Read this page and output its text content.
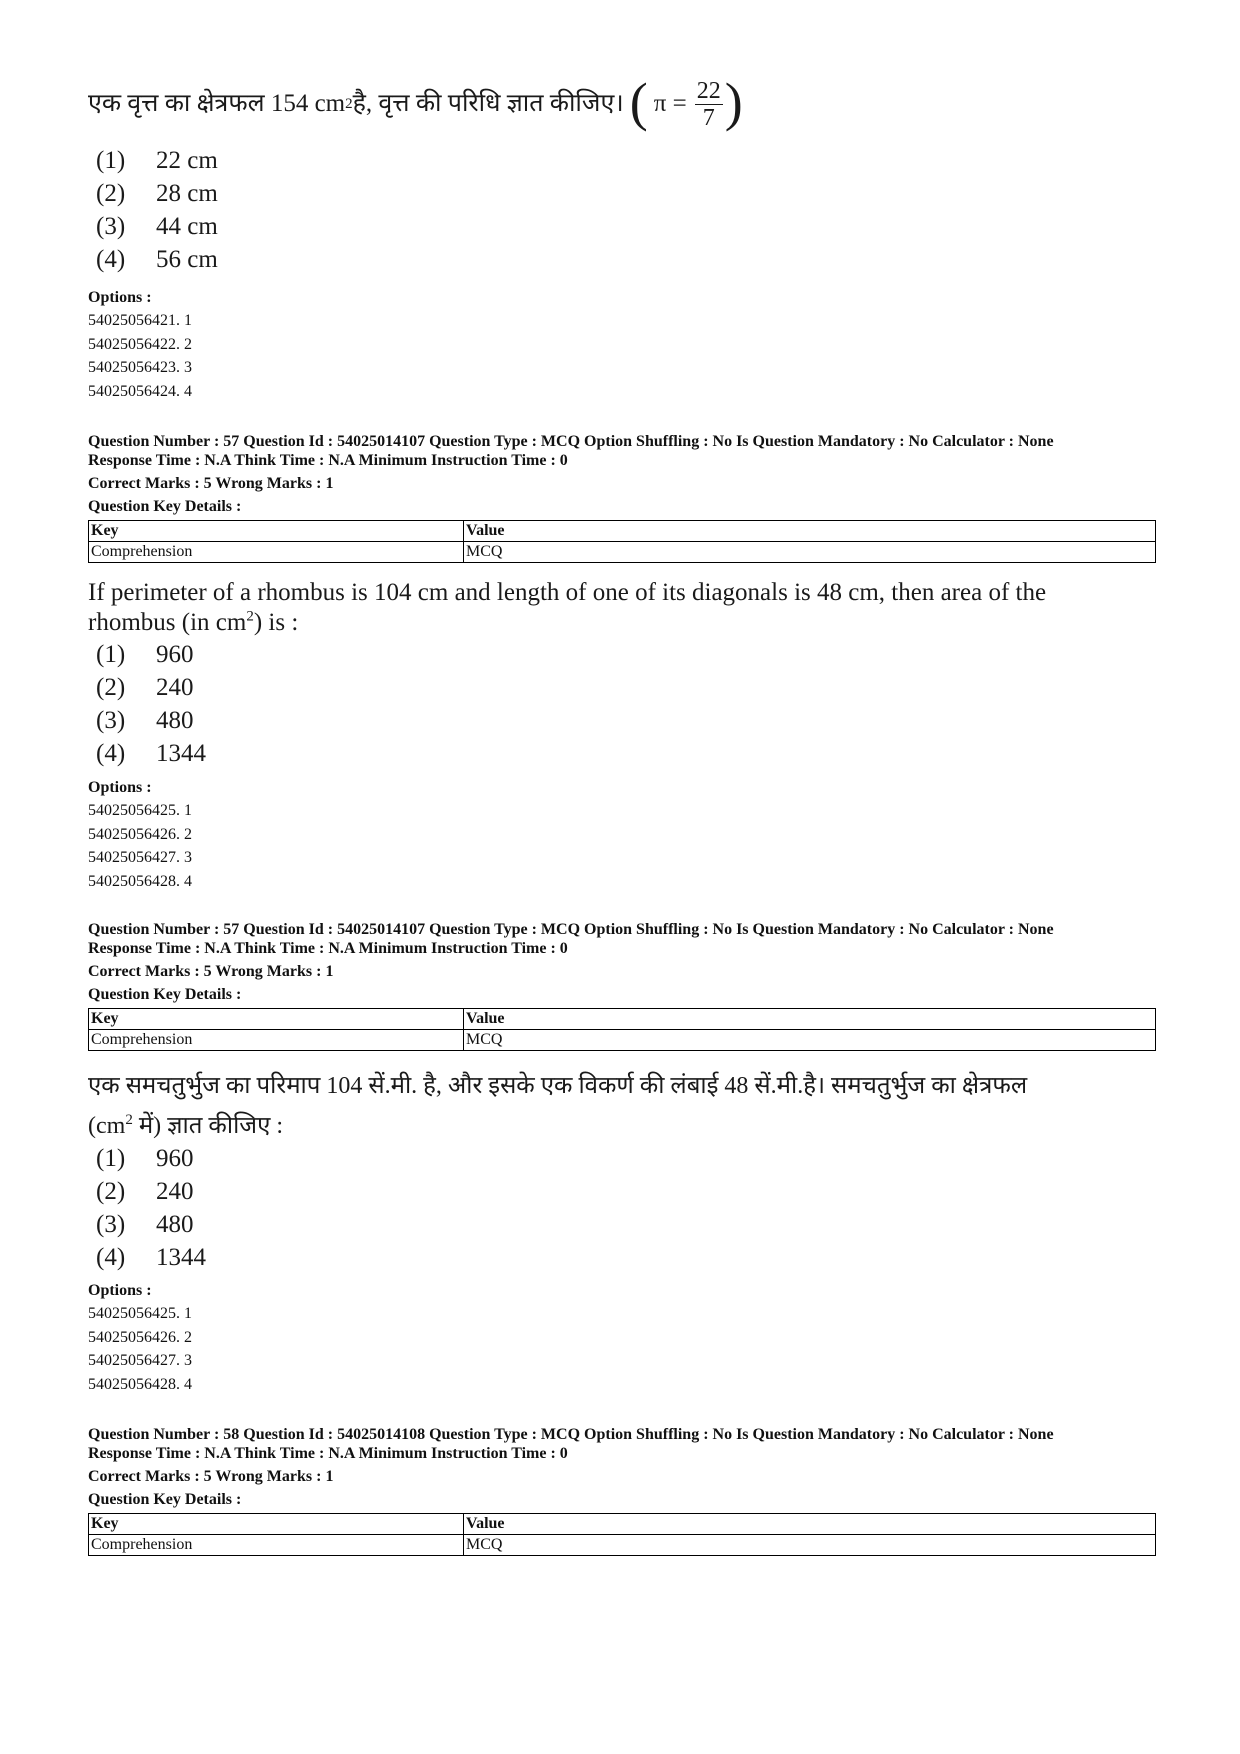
एक वृत्त का क्षेत्रफल 154 cm 2 है, वृत्त की परिधि ज्ञात कीजिए। ( $\pi = \frac{22}{7}$ )

(1)	22 cm
(2)	28 cm
(3)	44 cm
(4)	56 cm
Options :
54025056421. 1
54025056422. 2
54025056423. 3
54025056424. 4
Question Number : 57 Question Id : 54025014107 Question Type : MCQ Option Shuffling : No Is Question Mandatory : No Calculator : None
Response Time : N.A Think Time : N.A Minimum Instruction Time : 0
Correct Marks : 5 Wrong Marks : 1
Question Key Details :
Key	Value
Comprehension	MCQ

If perimeter of a rhombus is 104 cm and length of one of its diagonals is 48 cm, then area of the
rhombus (in $cm^2$) is :

(1)	960
(2)	240
(3)	480
(4)	1344
Options :
54025056425. 1
54025056426. 2
54025056427. 3
54025056428. 4
Question Number : 57 Question Id : 54025014107 Question Type : MCQ Option Shuffling : No Is Question Mandatory : No Calculator : None
Response Time : N.A Think Time : N.A Minimum Instruction Time : 0
Correct Marks : 5 Wrong Marks : 1
Question Key Details :
Key	Value
Comprehension	MCQ

एक समचतुर्भुज का परिमाप 104 सें.मी. है, और इसके एक विकर्ण की लंबाई 48 सें.मी.है। समचतुर्भुज का क्षेत्रफल
($cm^2$ में) ज्ञात कीजिए :

(1)	960
(2)	240
(3)	480
(4)	1344
Options :
54025056425. 1
54025056426. 2
54025056427. 3
54025056428. 4
Question Number : 58 Question Id : 54025014108 Question Type : MCQ Option Shuffling : No Is Question Mandatory : No Calculator : None
Response Time : N.A Think Time : N.A Minimum Instruction Time : 0
Correct Marks : 5 Wrong Marks : 1
Question Key Details :
Key	Value
Comprehension	MCQ
